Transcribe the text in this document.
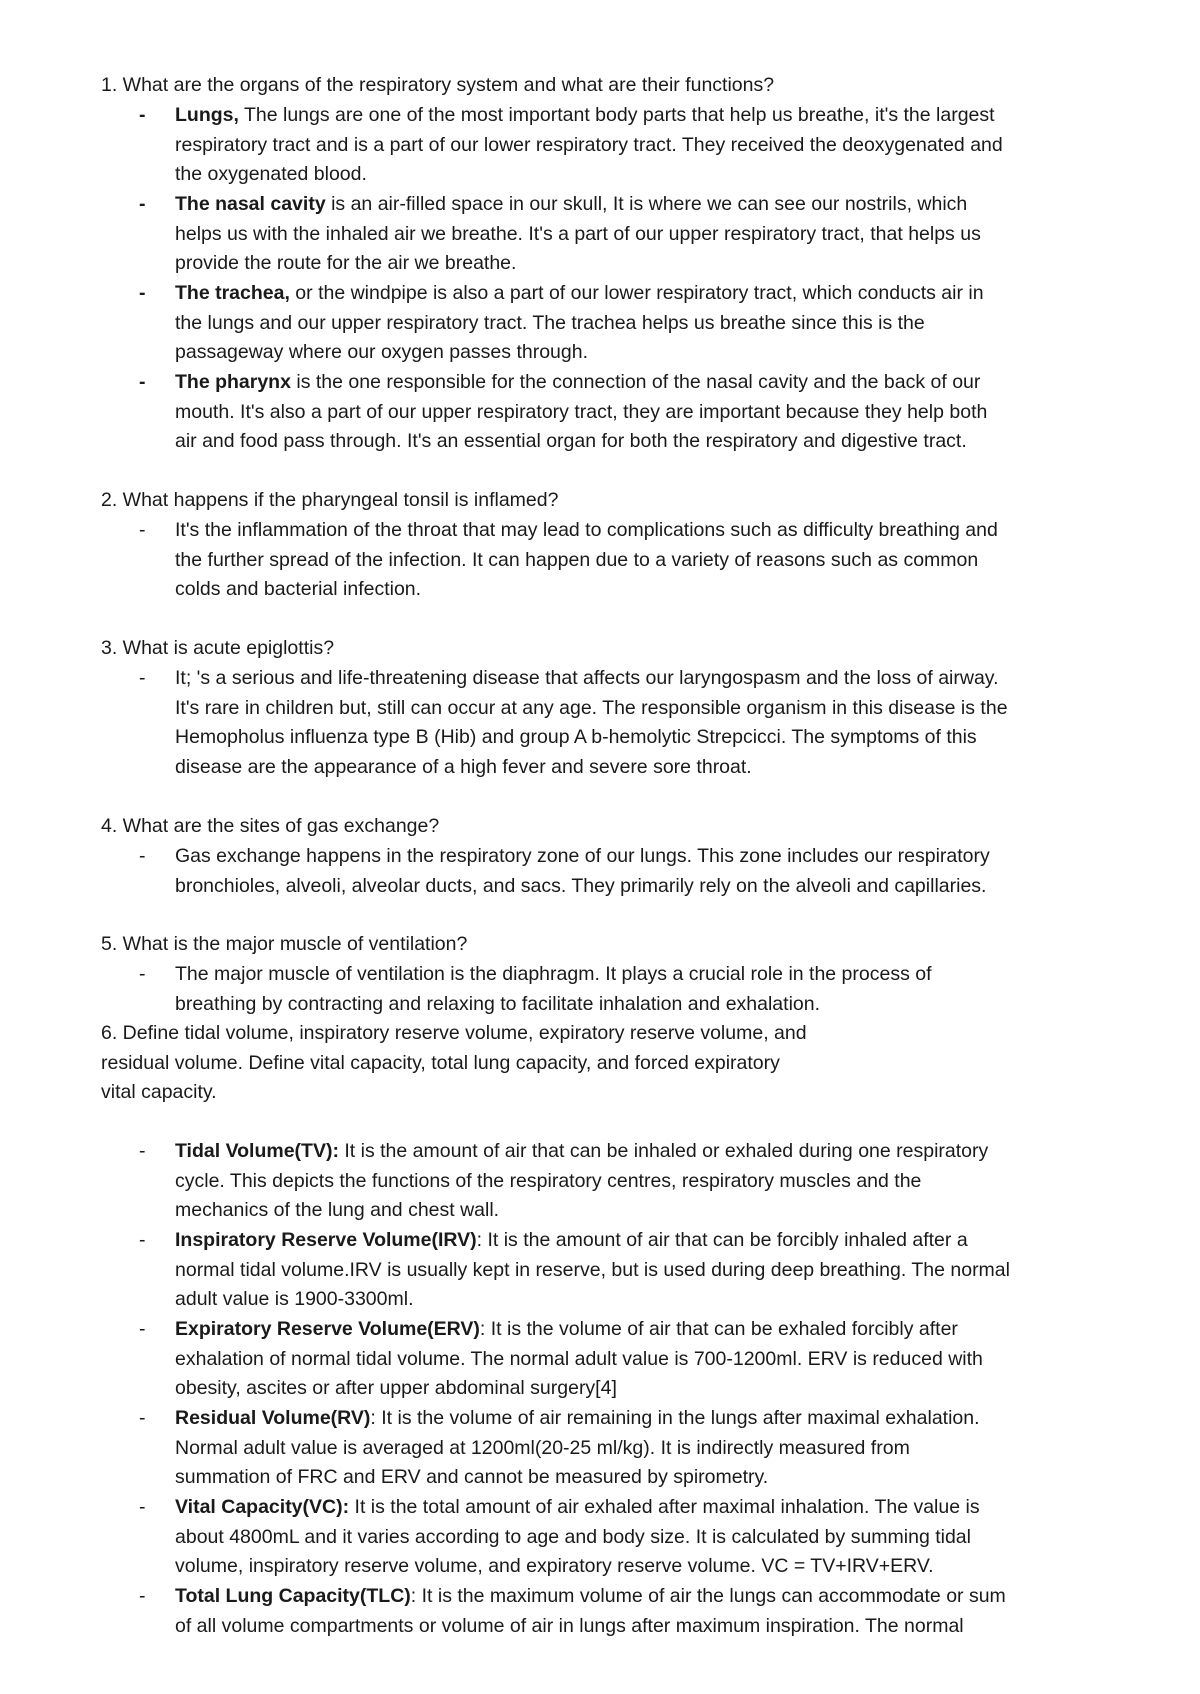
1. What are the organs of the respiratory system and what are their functions?
-	Lungs, The lungs are one of the most important body parts that help us breathe, it's the largest
respiratory tract and is a part of our lower respiratory tract. They received the deoxygenated and
the oxygenated blood.
-	The nasal cavity is an air-filled space in our skull, It is where we can see our nostrils, which
helps us with the inhaled air we breathe. It's a part of our upper respiratory tract, that helps us
provide the route for the air we breathe.
-	The trachea, or the windpipe is also a part of our lower respiratory tract, which conducts air in
the lungs and our upper respiratory tract. The trachea helps us breathe since this is the
passageway where our oxygen passes through.
-	The pharynx is the one responsible for the connection of the nasal cavity and the back of our
mouth. It's also a part of our upper respiratory tract, they are important because they help both
air and food pass through. It's an essential organ for both the respiratory and digestive tract.
2. What happens if the pharyngeal tonsil is inflamed?
-	It's the inflammation of the throat that may lead to complications such as difficulty breathing and
the further spread of the infection. It can happen due to a variety of reasons such as common
colds and bacterial infection.
3. What is acute epiglottis?
-	It; 's a serious and life-threatening disease that affects our laryngospasm and the loss of airway.
It's rare in children but, still can occur at any age. The responsible organism in this disease is the
Hemopholus influenza type B (Hib) and group A b-hemolytic Strepcicci. The symptoms of this
disease are the appearance of a high fever and severe sore throat.
4. What are the sites of gas exchange?
-	Gas exchange happens in the respiratory zone of our lungs. This zone includes our respiratory
bronchioles, alveoli, alveolar ducts, and sacs. They primarily rely on the alveoli and capillaries.
5. What is the major muscle of ventilation?
-	The major muscle of ventilation is the diaphragm. It plays a crucial role in the process of
breathing by contracting and relaxing to facilitate inhalation and exhalation.
6. Define tidal volume, inspiratory reserve volume, expiratory reserve volume, and
residual volume. Define vital capacity, total lung capacity, and forced expiratory
vital capacity.
-	Tidal Volume(TV): It is the amount of air that can be inhaled or exhaled during one respiratory
cycle. This depicts the functions of the respiratory centres, respiratory muscles and the
mechanics of the lung and chest wall.
-	Inspiratory Reserve Volume(IRV): It is the amount of air that can be forcibly inhaled after a
normal tidal volume.IRV is usually kept in reserve, but is used during deep breathing. The normal
adult value is 1900-3300ml.
-	Expiratory Reserve Volume(ERV): It is the volume of air that can be exhaled forcibly after
exhalation of normal tidal volume. The normal adult value is 700-1200ml. ERV is reduced with
obesity, ascites or after upper abdominal surgery[4]
-	Residual Volume(RV): It is the volume of air remaining in the lungs after maximal exhalation.
Normal adult value is averaged at 1200ml(20-25 ml/kg). It is indirectly measured from
summation of FRC and ERV and cannot be measured by spirometry.
-	Vital Capacity(VC): It is the total amount of air exhaled after maximal inhalation. The value is
about 4800mL and it varies according to age and body size. It is calculated by summing tidal
volume, inspiratory reserve volume, and expiratory reserve volume. VC = TV+IRV+ERV.
-	Total Lung Capacity(TLC): It is the maximum volume of air the lungs can accommodate or sum
of all volume compartments or volume of air in lungs after maximum inspiration. The normal
